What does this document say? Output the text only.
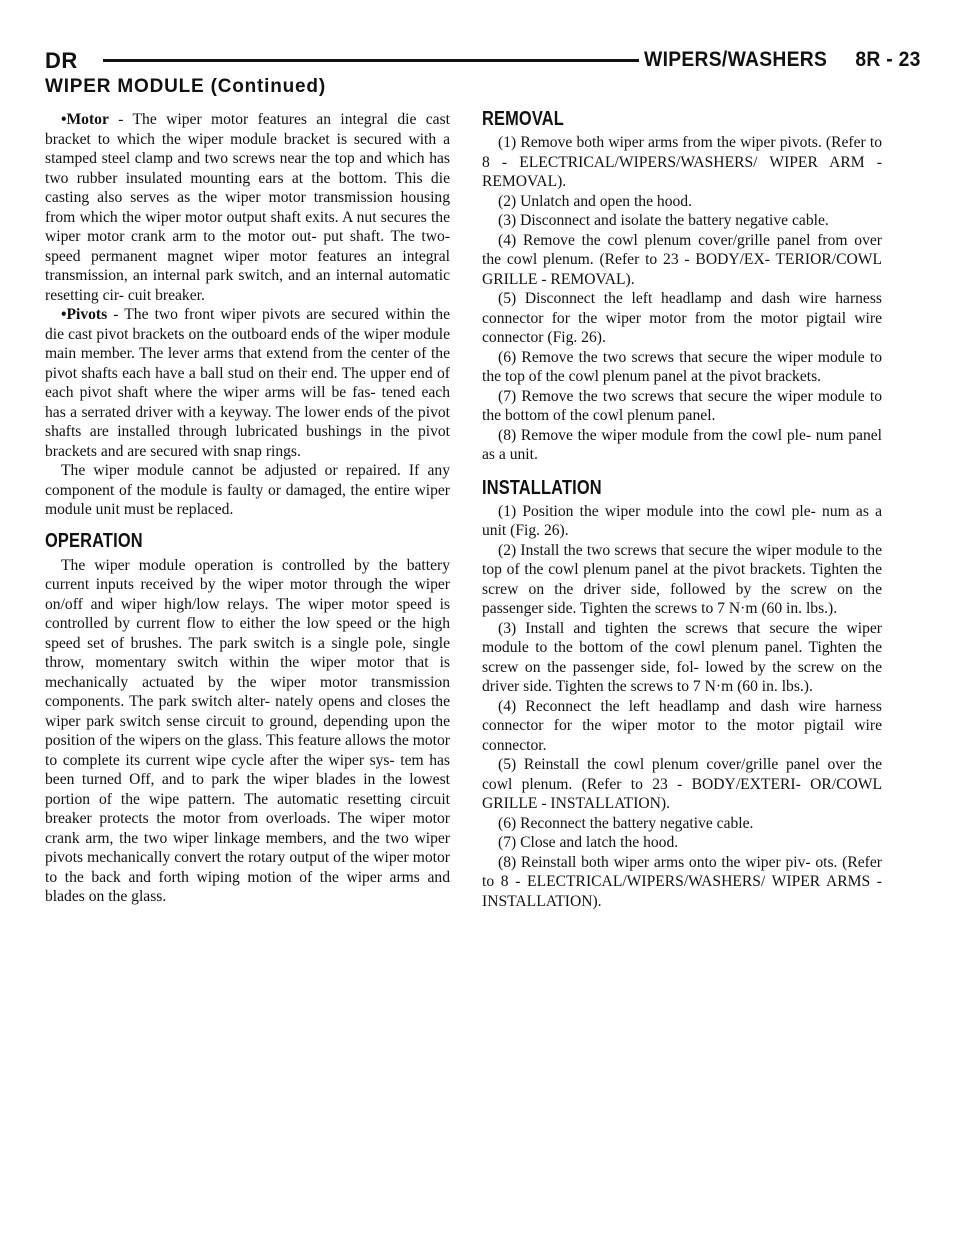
DR	WIPERS/WASHERS     8R - 23
WIPER MODULE (Continued)

•Motor - The wiper motor features an integral die cast bracket to which the wiper module bracket is secured with a stamped steel clamp and two screws near the top and which has two rubber insulated mounting ears at the bottom. This die casting also serves as the wiper motor transmission housing from which the wiper motor output shaft exits. A nut secures the wiper motor crank arm to the motor out- put shaft. The two-speed permanent magnet wiper motor features an integral transmission, an internal park switch, and an internal automatic resetting cir- cuit breaker.

•Pivots - The two front wiper pivots are secured within the die cast pivot brackets on the outboard ends of the wiper module main member. The lever arms that extend from the center of the pivot shafts each have a ball stud on their end. The upper end of each pivot shaft where the wiper arms will be fas- tened each has a serrated driver with a keyway. The lower ends of the pivot shafts are installed through lubricated bushings in the pivot brackets and are secured with snap rings.

The wiper module cannot be adjusted or repaired. If any component of the module is faulty or damaged, the entire wiper module unit must be replaced.

OPERATION

The wiper module operation is controlled by the battery current inputs received by the wiper motor through the wiper on/off and wiper high/low relays. The wiper motor speed is controlled by current flow to either the low speed or the high speed set of brushes. The park switch is a single pole, single throw, momentary switch within the wiper motor that is mechanically actuated by the wiper motor transmission components. The park switch alter- nately opens and closes the wiper park switch sense circuit to ground, depending upon the position of the wipers on the glass. This feature allows the motor to complete its current wipe cycle after the wiper sys- tem has been turned Off, and to park the wiper blades in the lowest portion of the wipe pattern. The automatic resetting circuit breaker protects the motor from overloads. The wiper motor crank arm, the two wiper linkage members, and the two wiper pivots mechanically convert the rotary output of the wiper motor to the back and forth wiping motion of the wiper arms and blades on the glass.

REMOVAL

(1) Remove both wiper arms from the wiper pivots. (Refer to 8 - ELECTRICAL/WIPERS/WASHERS/ WIPER ARM - REMOVAL).

(2) Unlatch and open the hood.

(3) Disconnect and isolate the battery negative cable.

(4) Remove the cowl plenum cover/grille panel from over the cowl plenum. (Refer to 23 - BODY/EX- TERIOR/COWL GRILLE - REMOVAL).

(5) Disconnect the left headlamp and dash wire harness connector for the wiper motor from the motor pigtail wire connector (Fig. 26).

(6) Remove the two screws that secure the wiper module to the top of the cowl plenum panel at the pivot brackets.

(7) Remove the two screws that secure the wiper module to the bottom of the cowl plenum panel.

(8) Remove the wiper module from the cowl ple- num panel as a unit.

INSTALLATION

(1) Position the wiper module into the cowl ple- num as a unit (Fig. 26).

(2) Install the two screws that secure the wiper module to the top of the cowl plenum panel at the pivot brackets. Tighten the screw on the driver side, followed by the screw on the passenger side. Tighten the screws to 7 N·m (60 in. lbs.).

(3) Install and tighten the screws that secure the wiper module to the bottom of the cowl plenum panel. Tighten the screw on the passenger side, fol- lowed by the screw on the driver side. Tighten the screws to 7 N·m (60 in. lbs.).

(4) Reconnect the left headlamp and dash wire harness connector for the wiper motor to the motor pigtail wire connector.

(5) Reinstall the cowl plenum cover/grille panel over the cowl plenum. (Refer to 23 - BODY/EXTERI- OR/COWL GRILLE - INSTALLATION).

(6) Reconnect the battery negative cable.

(7) Close and latch the hood.

(8) Reinstall both wiper arms onto the wiper piv- ots. (Refer to 8 - ELECTRICAL/WIPERS/WASHERS/ WIPER ARMS - INSTALLATION).
